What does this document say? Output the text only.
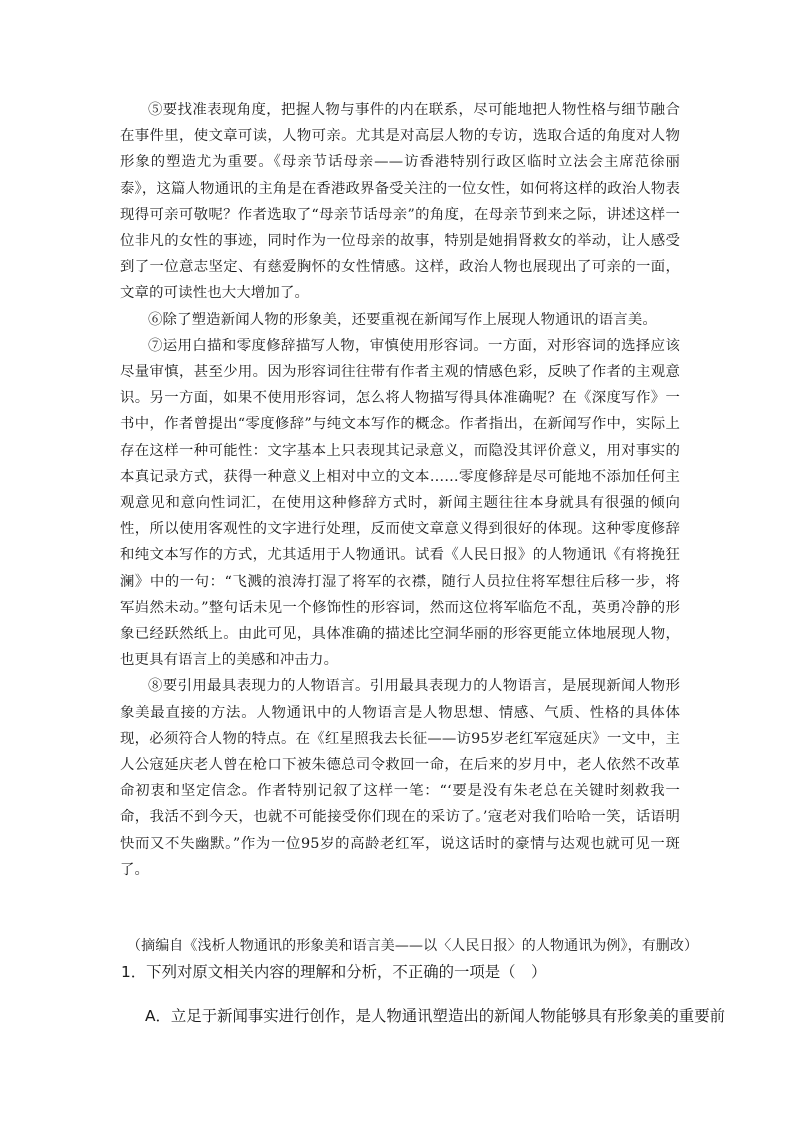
⑤要找准表现角度，把握人物与事件的内在联系，尽可能地把人物性格与细节融合在事件里，使文章可读，人物可亲。尤其是对高层人物的专访，选取合适的角度对人物形象的塑造尤为重要。《母亲节话母亲——访香港特别行政区临时立法会主席范徐丽泰》，这篇人物通讯的主角是在香港政界备受关注的一位女性，如何将这样的政治人物表现得可亲可敬呢？作者选取了“母亲节话母亲”的角度，在母亲节到来之际，讲述这样一位非凡的女性的事迹，同时作为一位母亲的故事，特别是她捐肾救女的举动，让人感受到了一位意志坚定、有慈爱胸怀的女性情感。这样，政治人物也展现出了可亲的一面，文章的可读性也大大增加了。

⑥除了塑造新闻人物的形象美，还要重视在新闻写作上展现人物通讯的语言美。

⑦运用白描和零度修辞描写人物，审慎使用形容词。一方面，对形容词的选择应该尽量审慎，甚至少用。因为形容词往往带有作者主观的情感色彩，反映了作者的主观意识。另一方面，如果不使用形容词，怎么将人物描写得具体准确呢？在《深度写作》一书中，作者曾提出“零度修辞”与纯文本写作的概念。作者指出，在新闻写作中，实际上存在这样一种可能性：文字基本上只表现其记录意义，而隐没其评价意义，用对事实的本真记录方式，获得一种意义上相对中立的文本……零度修辞是尽可能地不添加任何主观意见和意向性词汇，在使用这种修辞方式时，新闻主题往往本身就具有很强的倾向性，所以使用客观性的文字进行处理，反而使文章意义得到很好的体现。这种零度修辞和纯文本写作的方式，尤其适用于人物通讯。试看《人民日报》的人物通讯《有将挽狂澜》中的一句：“飞溅的浪涛打湿了将军的衣襟，随行人员拉住将军想往后移一步，将军岿然未动。”整句话未见一个修饰性的形容词，然而这位将军临危不乱，英勇冷静的形象已经跃然纸上。由此可见，具体准确的描述比空洞华丽的形容更能立体地展现人物，也更具有语言上的美感和冲击力。

⑧要引用最具表现力的人物语言。引用最具表现力的人物语言，是展现新闻人物形象美最直接的方法。人物通讯中的人物语言是人物思想、情感、气质、性格的具体体现，必须符合人物的特点。在《红星照我去长征——访95岁老红军寇延庆》一文中，主人公寇延庆老人曾在枪口下被朱德总司令救回一命，在后来的岁月中，老人依然不改革命初衷和坚定信念。作者特别记叙了这样一笔：“‘要是没有朱老总在关键时刻救我一命，我活不到今天，也就不可能接受你们现在的采访了。’寇老对我们哈哈一笑，话语明快而又不失幽默。”作为一位95岁的高龄老红军，说这话时的豪情与达观也就可见一斑了。

（摘编自《浅析人物通讯的形象美和语言美——以〈人民日报〉的人物通讯为例》，有删改）

1．下列对原文相关内容的理解和分析，不正确的一项是（　）

A．立足于新闻事实进行创作，是人物通讯塑造出的新闻人物能够具有形象美的重要前
